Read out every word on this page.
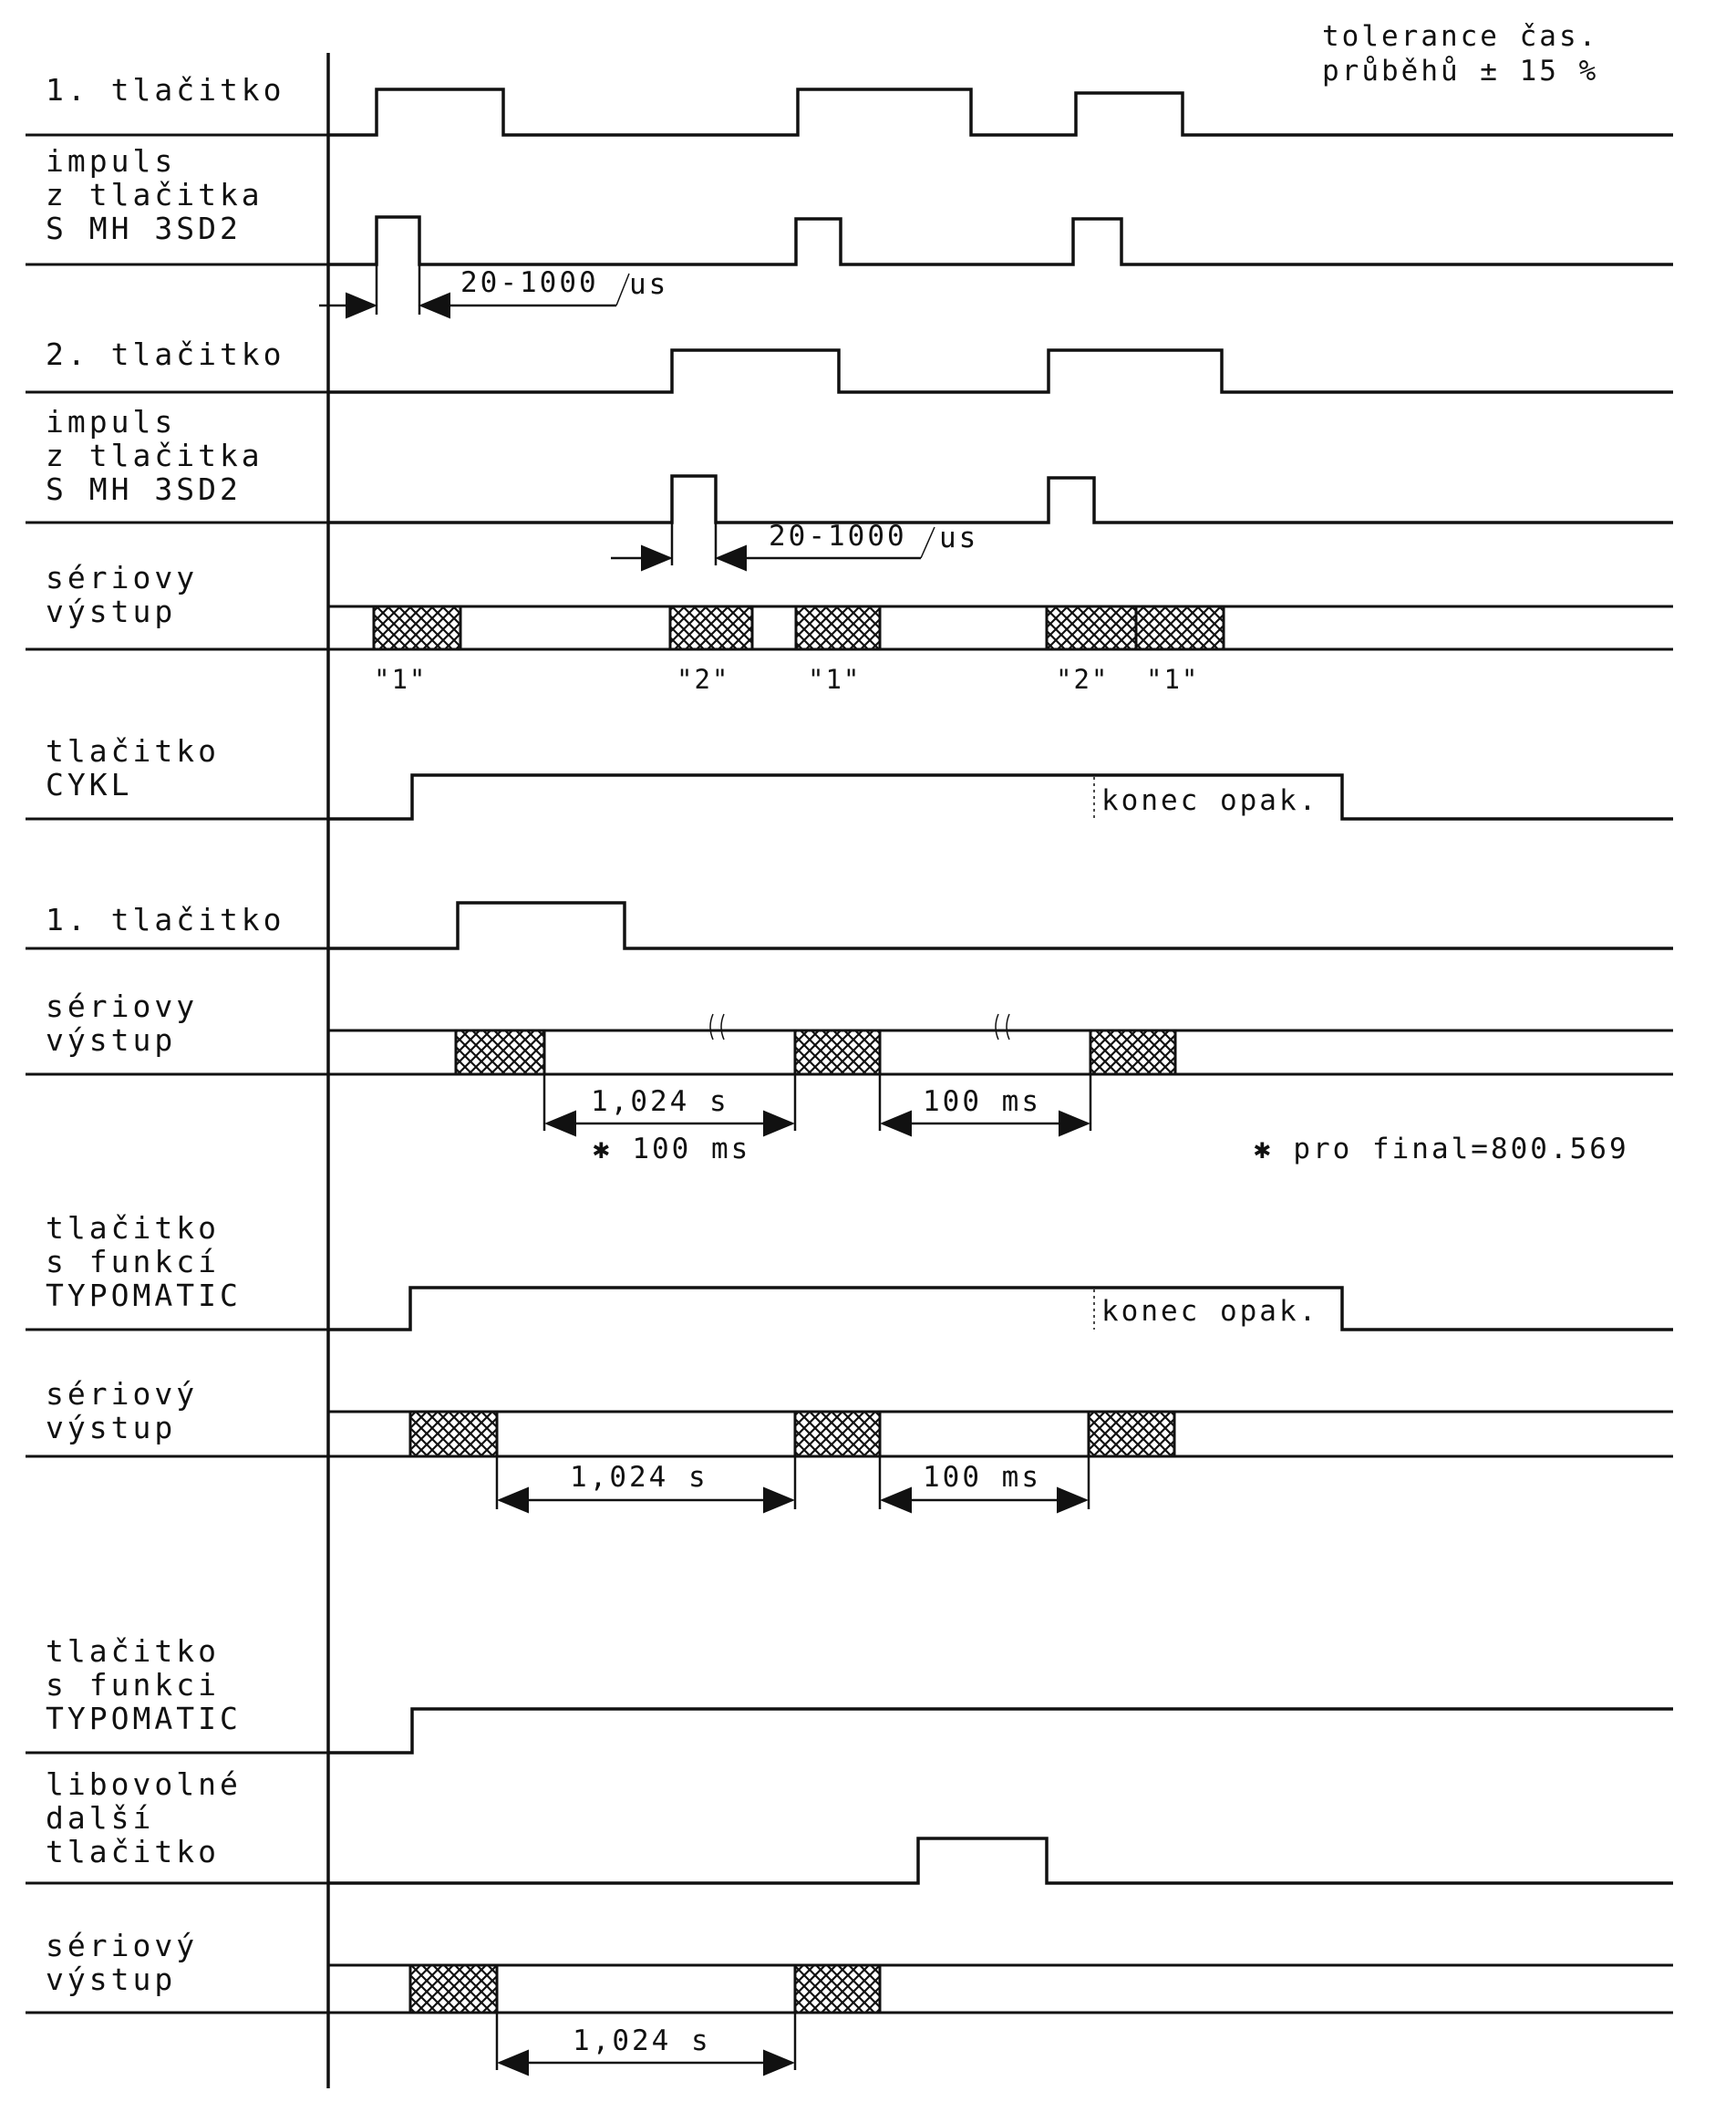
tolerance čas.
průběhů ± 15 %
1. tlačitko
impuls
z tlačitka
S MH 3SD2
20-1000 us
2. tlačitko
impuls
z tlačitka
S MH 3SD2
20-1000 us
sériovy
výstup
"1"	"2"	"1"	"2" "1"
tlačitko
CYKL	konec opak.
1. tlačitko
sériovy
výstup
1,024 s	100 ms
✱ 100 ms	✱ pro final=800.569
tlačitko
s funkcí
TYPOMATIC	konec opak.
sériový
výstup
1,024 s	100 ms
tlačitko
s funkci
TYPOMATIC
libovolné
další
tlačitko
sériový
výstup
1,024 s
